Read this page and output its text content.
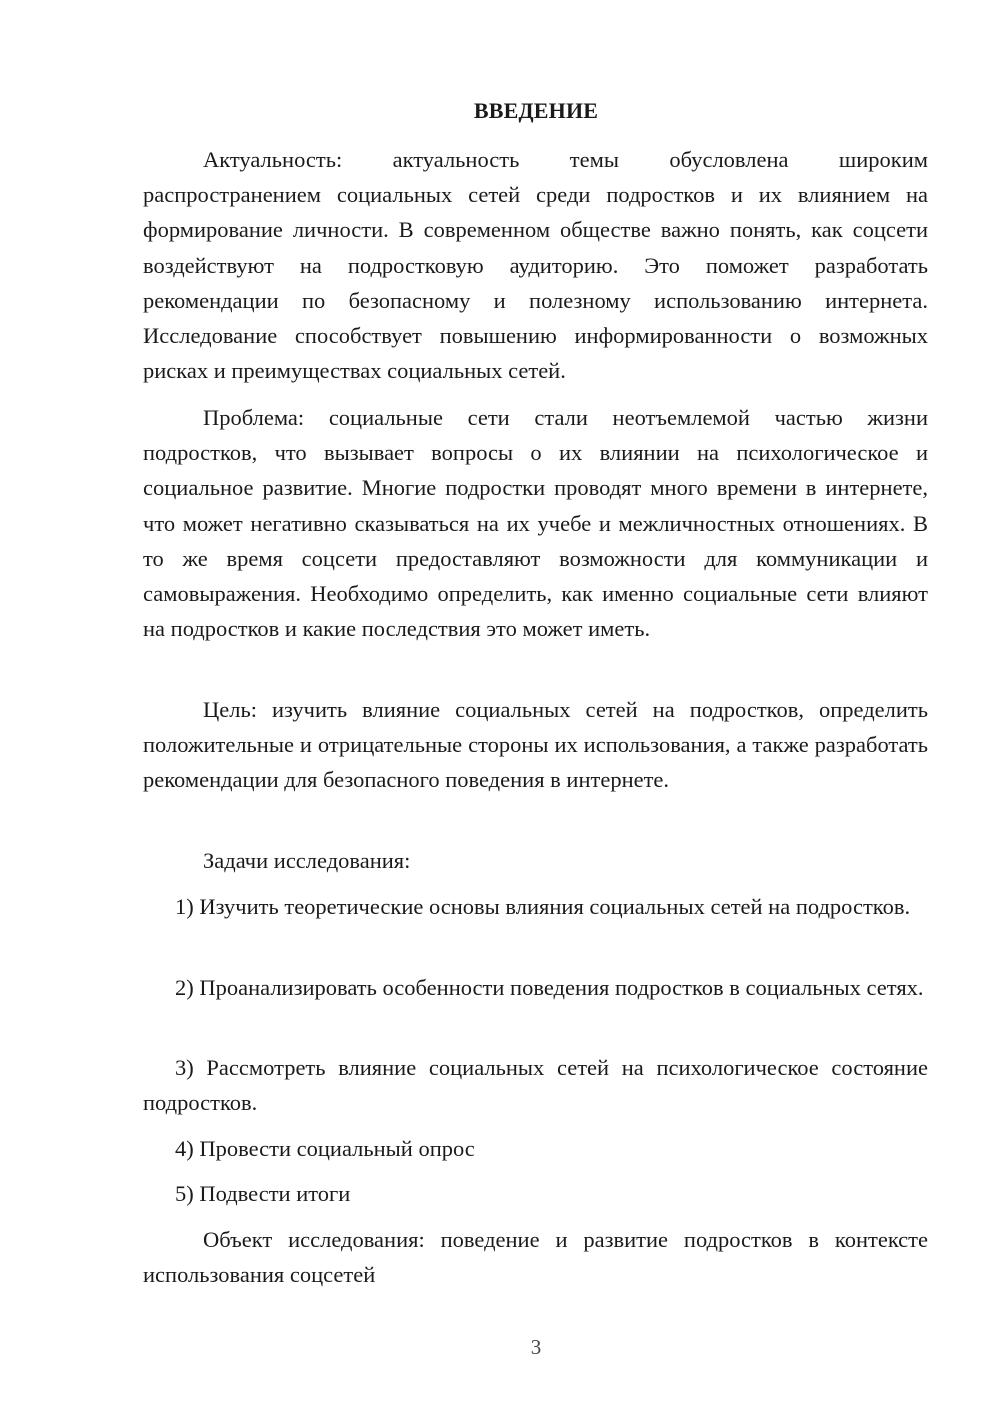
ВВЕДЕНИЕ

Актуальность: актуальность темы обусловлена широким распространением социальных сетей среди подростков и их влиянием на формирование личности. В современном обществе важно понять, как соцсети воздействуют на подростковую аудиторию. Это поможет разработать рекомендации по безопасному и полезному использованию интернета. Исследование способствует повышению информированности о возможных рисках и преимуществах социальных сетей.

Проблема: социальные сети стали неотъемлемой частью жизни подростков, что вызывает вопросы о их влиянии на психологическое и социальное развитие. Многие подростки проводят много времени в интернете, что может негативно сказываться на их учебе и межличностных отношениях. В то же время соцсети предоставляют возможности для коммуникации и самовыражения. Необходимо определить, как именно социальные сети влияют на подростков и какие последствия это может иметь.

Цель: изучить влияние социальных сетей на подростков, определить положительные и отрицательные стороны их использования, а также разработать рекомендации для безопасного поведения в интернете.

Задачи исследования:

1) Изучить теоретические основы влияния социальных сетей на подростков.

2) Проанализировать особенности поведения подростков в социальных сетях.

3) Рассмотреть влияние социальных сетей на психологическое состояние подростков.

4) Провести социальный опрос

5) Подвести итоги

Объект исследования: поведение и развитие подростков в контексте использования соцсетей

3
